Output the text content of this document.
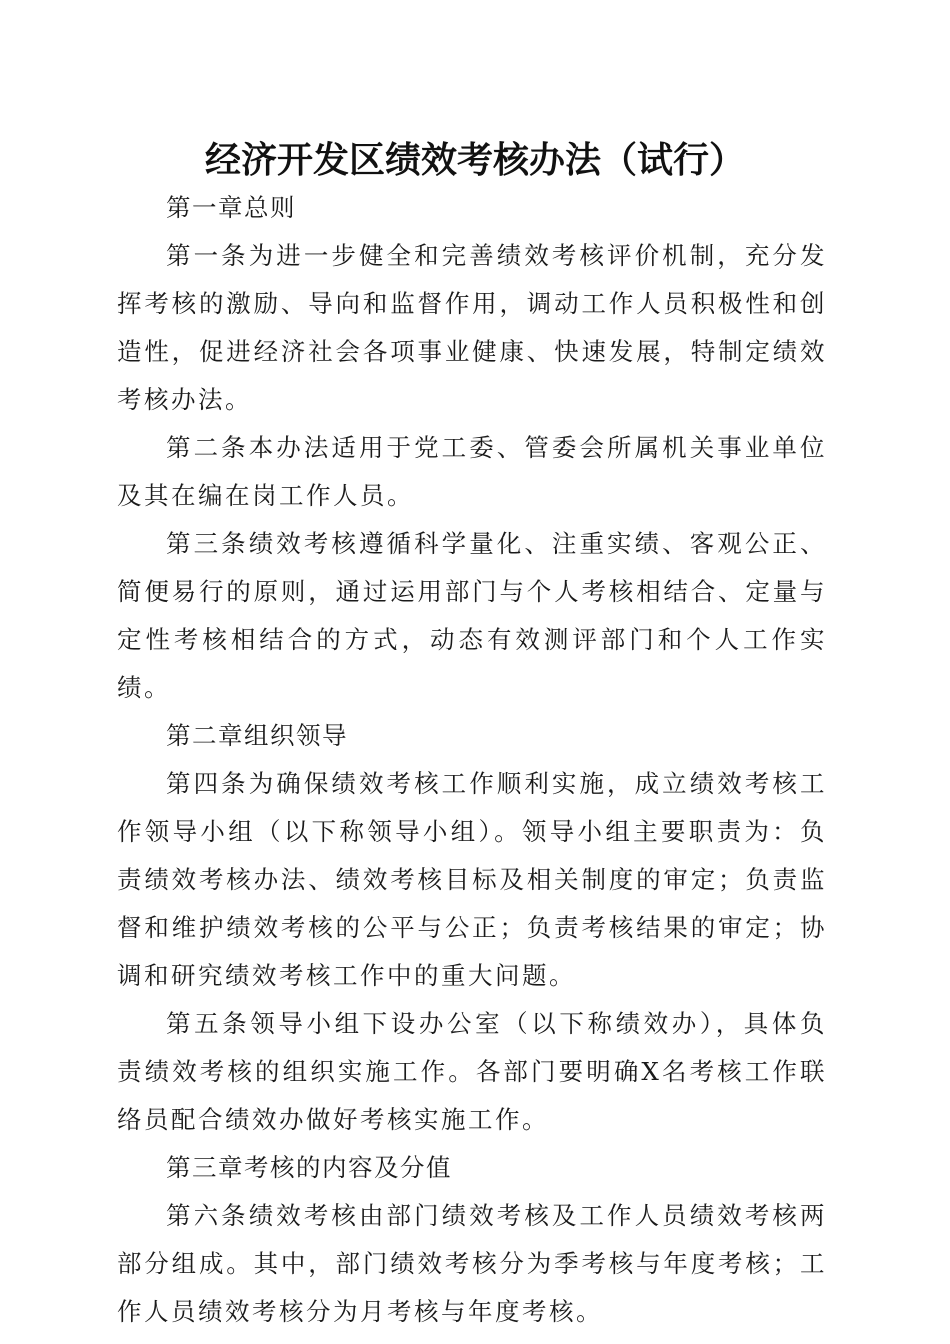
经济开发区绩效考核办法（试行）

第一章总则

第一条为进一步健全和完善绩效考核评价机制，充分发挥考核的激励、导向和监督作用，调动工作人员积极性和创造性，促进经济社会各项事业健康、快速发展，特制定绩效考核办法。

第二条本办法适用于党工委、管委会所属机关事业单位及其在编在岗工作人员。

第三条绩效考核遵循科学量化、注重实绩、客观公正、简便易行的原则，通过运用部门与个人考核相结合、定量与定性考核相结合的方式，动态有效测评部门和个人工作实绩。

第二章组织领导

第四条为确保绩效考核工作顺利实施，成立绩效考核工作领导小组（以下称领导小组）。领导小组主要职责为：负责绩效考核办法、绩效考核目标及相关制度的审定；负责监督和维护绩效考核的公平与公正；负责考核结果的审定；协调和研究绩效考核工作中的重大问题。

第五条领导小组下设办公室（以下称绩效办），具体负责绩效考核的组织实施工作。各部门要明确X名考核工作联络员配合绩效办做好考核实施工作。

第三章考核的内容及分值

第六条绩效考核由部门绩效考核及工作人员绩效考核两部分组成。其中，部门绩效考核分为季考核与年度考核；工作人员绩效考核分为月考核与年度考核。
